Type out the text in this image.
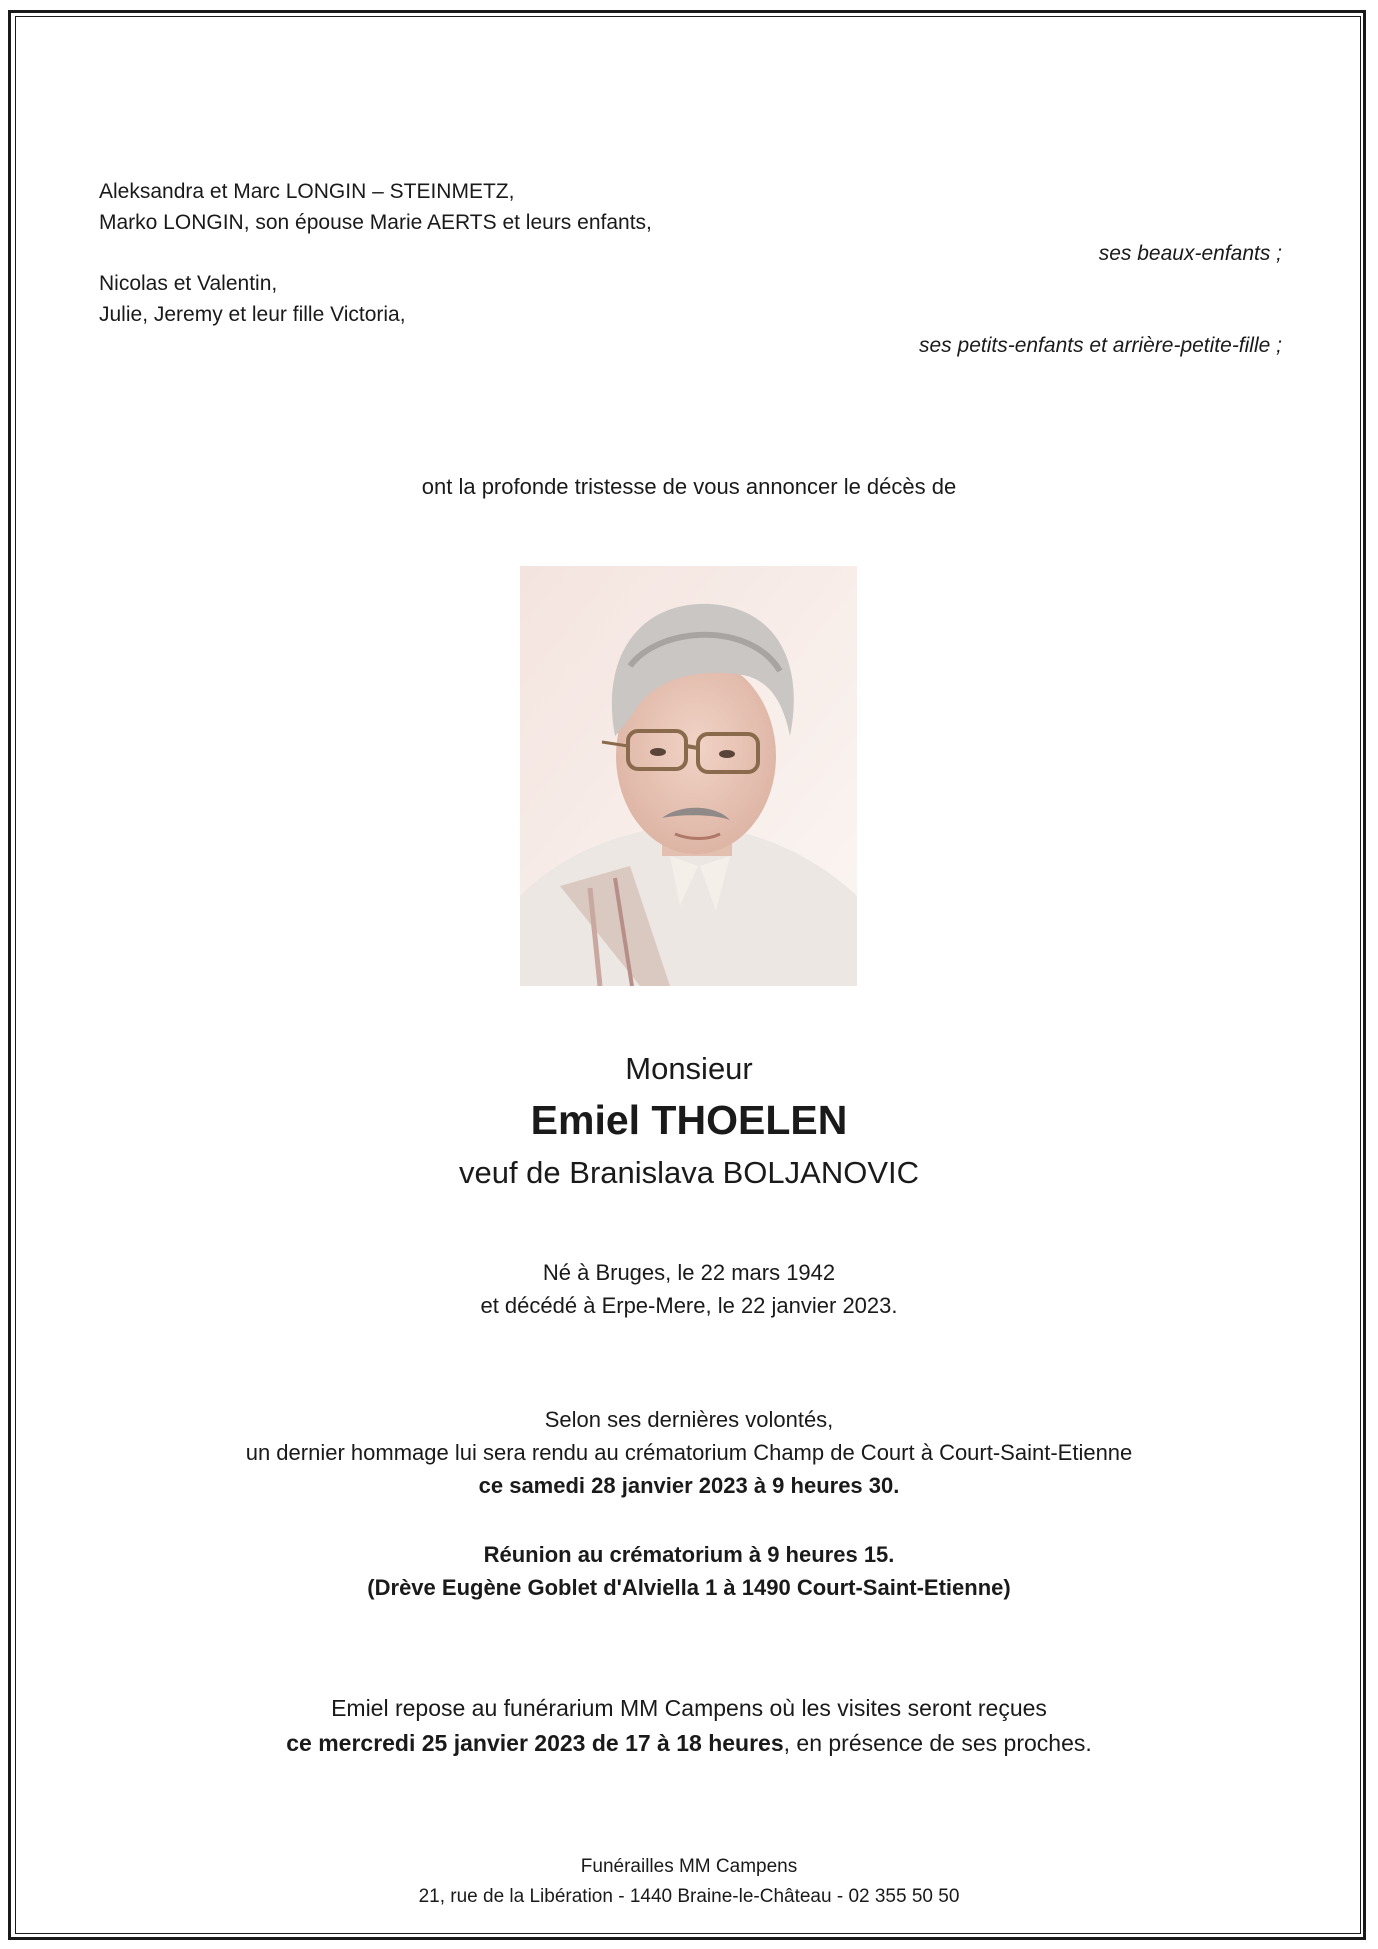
Aleksandra et Marc LONGIN – STEINMETZ,
Marko LONGIN, son épouse Marie AERTS et leurs enfants,
ses beaux-enfants ;
Nicolas et Valentin,
Julie, Jeremy et leur fille Victoria,
ses petits-enfants et arrière-petite-fille ;
ont la profonde tristesse de vous annoncer le décès de
Monsieur
Emiel THOELEN
veuf de Branislava BOLJANOVIC
Né à Bruges, le 22 mars 1942
et décédé à Erpe-Mere, le 22 janvier 2023.
Selon ses dernières volontés,
un dernier hommage lui sera rendu au crématorium Champ de Court à Court-Saint-Etienne
ce samedi 28 janvier 2023 à 9 heures 30.
Réunion au crématorium à 9 heures 15.
(Drève Eugène Goblet d'Alviella 1 à 1490 Court-Saint-Etienne)
Emiel repose au funérarium MM Campens où les visites seront reçues
ce mercredi 25 janvier 2023 de 17 à 18 heures, en présence de ses proches.
Funérailles MM Campens
21, rue de la Libération - 1440 Braine-le-Château - 02 355 50 50
